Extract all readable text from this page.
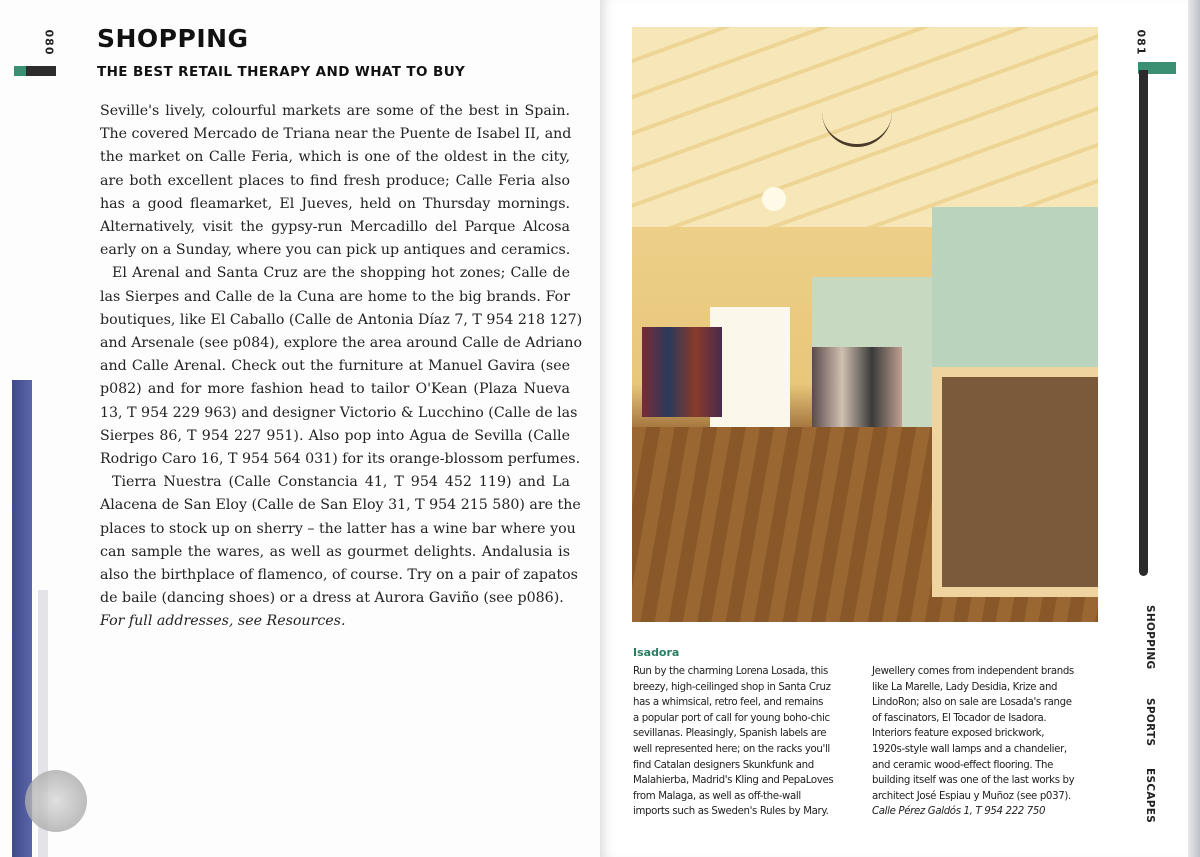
080 SHOPPING
THE BEST RETAIL THERAPY AND WHAT TO BUY
Seville's lively, colourful markets are some of the best in Spain.
The covered Mercado de Triana near the Puente de Isabel II, and
the market on Calle Feria, which is one of the oldest in the city,
are both excellent places to find fresh produce; Calle Feria also
has a good fleamarket, El Jueves, held on Thursday mornings.
Alternatively, visit the gypsy-run Mercadillo del Parque Alcosa
early on a Sunday, where you can pick up antiques and ceramics.
El Arenal and Santa Cruz are the shopping hot zones; Calle de
las Sierpes and Calle de la Cuna are home to the big brands. For
boutiques, like El Caballo (Calle de Antonia Díaz 7, T 954 218 127)
and Arsenale (see p084), explore the area around Calle de Adriano
and Calle Arenal. Check out the furniture at Manuel Gavira (see
p082) and for more fashion head to tailor O'Kean (Plaza Nueva
13, T 954 229 963) and designer Victorio & Lucchino (Calle de las
Sierpes 86, T 954 227 951). Also pop into Agua de Sevilla (Calle
Rodrigo Caro 16, T 954 564 031) for its orange-blossom perfumes.
Tierra Nuestra (Calle Constancia 41, T 954 452 119) and La
Alacena de San Eloy (Calle de San Eloy 31, T 954 215 580) are the
places to stock up on sherry – the latter has a wine bar where you
can sample the wares, as well as gourmet delights. Andalusia is
also the birthplace of flamenco, of course. Try on a pair of zapatos
de baile (dancing shoes) or a dress at Aurora Gaviño (see p086).
For full addresses, see Resources.
Isadora
Run by the charming Lorena Losada, this
breezy, high-ceilinged shop in Santa Cruz
has a whimsical, retro feel, and remains
a popular port of call for young boho-chic
sevillanas. Pleasingly, Spanish labels are
well represented here; on the racks you'll
find Catalan designers Skunkfunk and
Malahierba, Madrid's Kling and PepaLoves
from Malaga, as well as off-the-wall
imports such as Sweden's Rules by Mary.
Jewellery comes from independent brands
like La Marelle, Lady Desidia, Krize and
LindoRon; also on sale are Losada's range
of fascinators, El Tocador de Isadora.
Interiors feature exposed brickwork,
1920s-style wall lamps and a chandelier,
and ceramic wood-effect flooring. The
building itself was one of the last works by
architect José Espiau y Muñoz (see p037).
Calle Pérez Galdós 1, T 954 222 750
081
SHOPPING
SPORTS
ESCAPES
